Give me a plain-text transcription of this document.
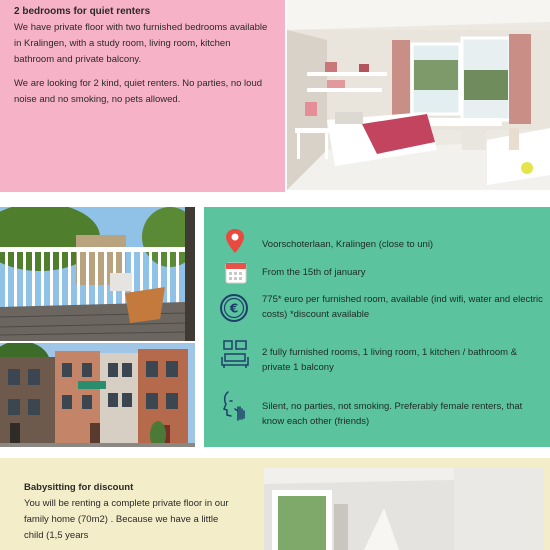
2 bedrooms for quiet renters

We have private floor with two furnished bedrooms available in Kralingen, with a study room, living room, kitchen bathroom and private balcony.

We are looking for 2 kind, quiet renters. No parties, no loud noise and no smoking, no pets allowed.

Voorschoterlaan, Kralingen (close to uni)
From the 15th of january
€
775* euro per furnished room, available (ind wifi, water and electric costs) *discount available
2 fully furnished rooms, 1 living room, 1 kitchen / bathroom & private 1 balcony
Silent, no parties, not smoking. Preferably female renters, that know each other (friends)
Babysitting for discount

You will be renting a complete private floor in our family home (70m2) . Because we have a little child (1,5 years
